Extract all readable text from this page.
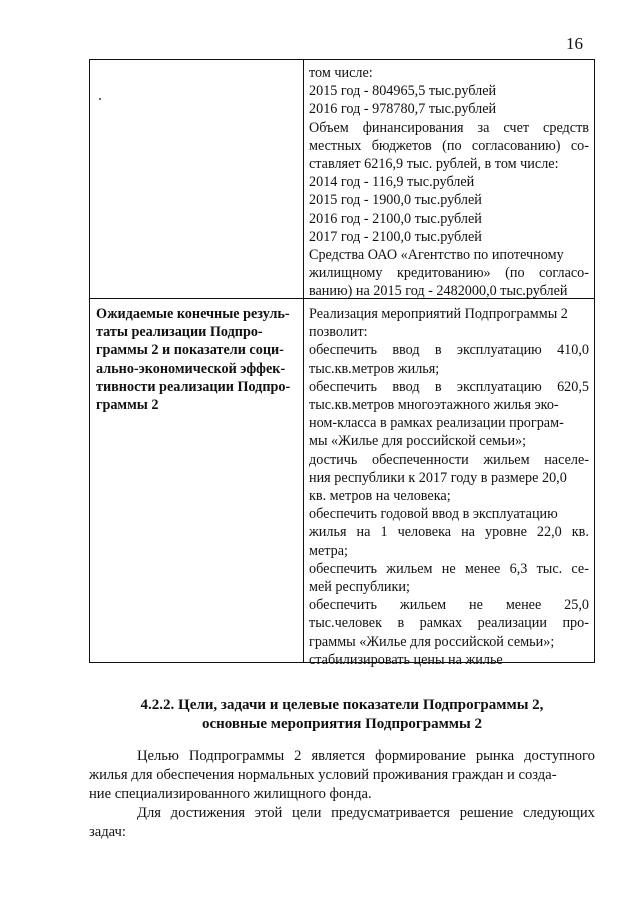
16
том числе:
2015 год - 804965,5 тыс.рублей
2016 год - 978780,7 тыс.рублей
Объем финансирования за счет средств
местных бюджетов (по согласованию) со-
ставляет 6216,9 тыс. рублей, в том числе:
2014 год - 116,9 тыс.рублей
2015 год - 1900,0 тыс.рублей
2016 год - 2100,0 тыс.рублей
2017 год - 2100,0 тыс.рублей
Средства ОАО «Агентство по ипотечному
жилищному кредитованию» (по согласо-
ванию) на 2015 год - 2482000,0 тыс.рублей
Ожидаемые конечные резуль-
таты реализации Подпро-
граммы 2 и показатели соци-
ально-экономической эффек-
тивности реализации Подпро-
граммы 2
Реализация мероприятий Подпрограммы 2
позволит:
обеспечить ввод в эксплуатацию 410,0
тыс.кв.метров жилья;
обеспечить ввод в эксплуатацию 620,5
тыс.кв.метров многоэтажного жилья эко-
ном-класса в рамках реализации програм-
мы «Жилье для российской семьи»;
достичь обеспеченности жильем населе-
ния республики к 2017 году в размере 20,0
кв. метров на человека;
обеспечить годовой ввод в эксплуатацию
жилья на 1 человека на уровне 22,0 кв.
метра;
обеспечить жильем не менее 6,3 тыс. се-
мей республики;
обеспечить жильем не менее 25,0
тыс.человек в рамках реализации про-
граммы «Жилье для российской семьи»;
стабилизировать цены на жилье
4.2.2. Цели, задачи и целевые показатели Подпрограммы 2,
основные мероприятия Подпрограммы 2
Целью Подпрограммы 2 является формирование рынка доступного
жилья для обеспечения нормальных условий проживания граждан и созда-
ние специализированного жилищного фонда.
Для достижения этой цели предусматривается решение следующих
задач:
